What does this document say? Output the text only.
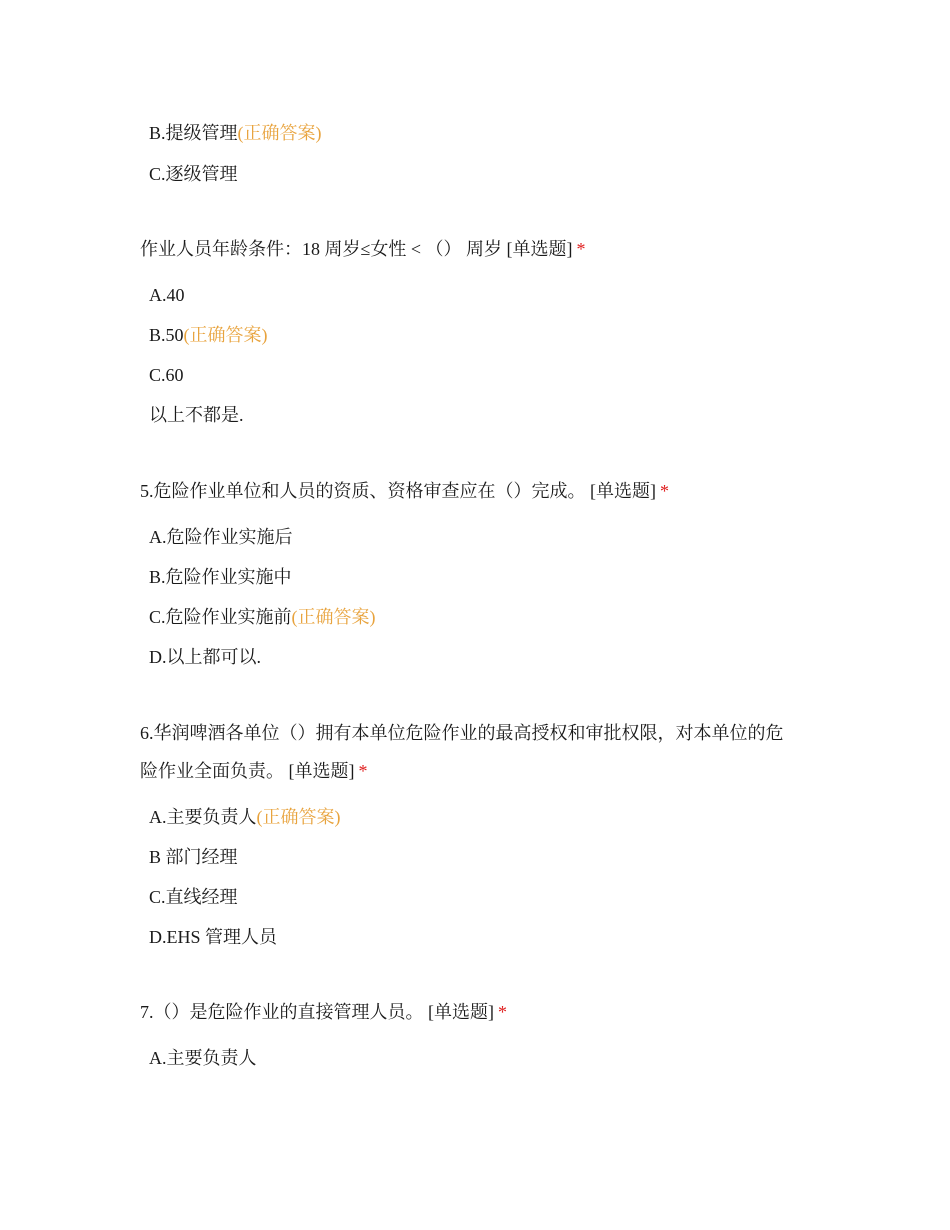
B.提级管理(正确答案)
C.逐级管理
作业人员年龄条件：18 周岁≤女性 < （） 周岁 [单选题] *
A.40
B.50(正确答案)
C.60
以上不都是.
5.危险作业单位和人员的资质、资格审查应在（）完成。 [单选题] *
A.危险作业实施后
B.危险作业实施中
C.危险作业实施前(正确答案)
D.以上都可以.
6.华润啤酒各单位（）拥有本单位危险作业的最高授权和审批权限，对本单位的危
险作业全面负责。 [单选题] *
A.主要负责人(正确答案)
B 部门经理
C.直线经理
D.EHS 管理人员
7.（）是危险作业的直接管理人员。 [单选题] *
A.主要负责人
